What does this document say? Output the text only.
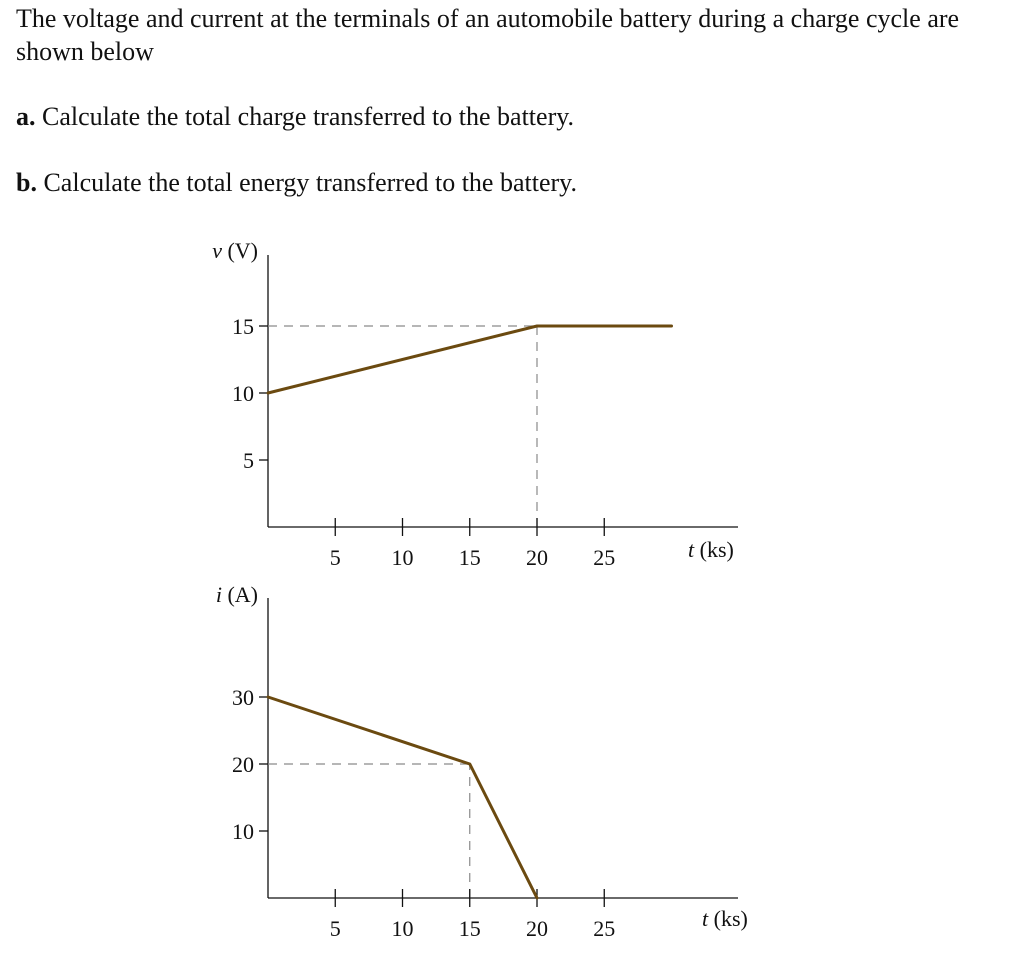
The voltage and current at the terminals of an automobile battery during a charge cycle are shown below

a. Calculate the total charge transferred to the battery.

b. Calculate the total energy transferred to the battery.

5
10
15
5 10 15 20 25
v (V)
t (ks)
10
20
30
5 10 15 20 25
i (A)
t (ks)
